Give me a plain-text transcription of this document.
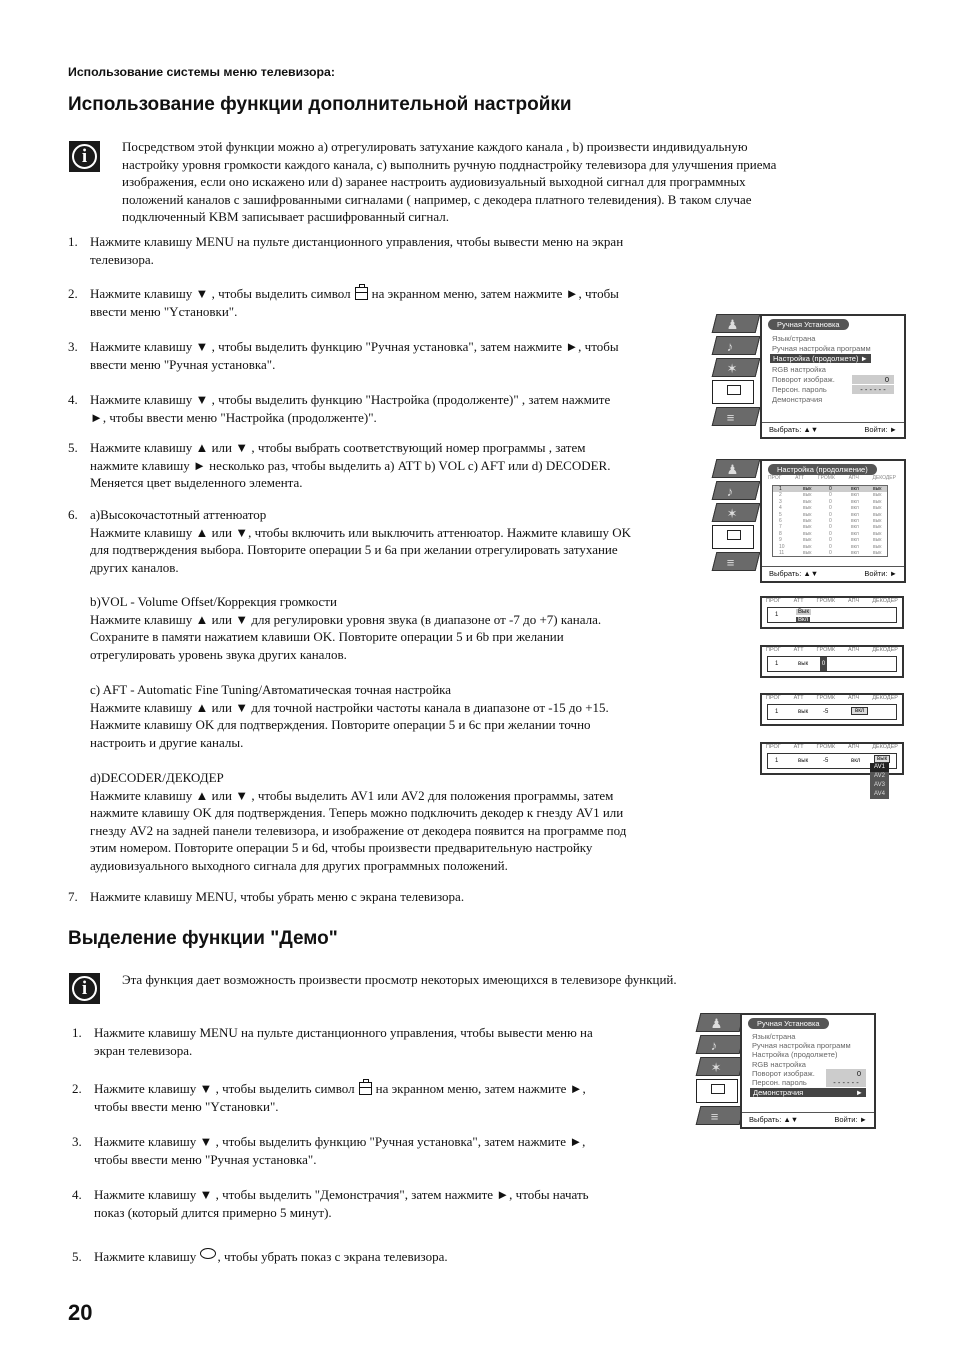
Использование системы меню телевизора:
Использование функции дополнительной настройки
i	Посредством этой функции можно а) отрегулировать затухание каждого канала , b) произвести индивидуальную

настройку уровня громкости каждого канала, с) выполнить ручную подднастройку телевизора для улучшения приема

изображения, если оно искажено или d) заранее настроить аудиовизуальный выходной сигнал для программных

положений каналов с зашифрованными сигналами ( например, с декодера платного телевидения). В таком случае

подключенный KBM записывает расшифрованный сигнал.

1. Нажмите клавишу MENU на пульте дистанционного управления, чтобы вывести меню на экран
телевизора.
2. Нажмите клавишу ▼ , чтобы выделить символ на экранном меню, затем нажмите ►, чтобы
ввести меню "Yстановки".
3. Нажмите клавишу ▼ , чтобы выделить функцию "Ручная установка", затем нажмите ►, чтобы
ввести меню "Ручная установка".
4. Нажмите клавишу ▼ , чтобы выделить функцию "Настройка (продолженте)" , затем нажмите
►, чтобы ввести меню "Настройка (продолженте)".
5. Нажмите клавишу ▲ или ▼ , чтобы выбрать соответствующий номер программы , затем
нажмите клавишу ► несколько раз, чтобы выделить а) ATT b) VOL c) AFT или d) DECODER.
Меняется цвет выделенного элемента.
6. a)Высокочастотный аттенюатор
Нажмите клавишу ▲ или ▼, чтобы включить или выключить аттенюатор. Нажмите клавишу OK
для подтверждения выбора. Повторите операции 5 и 6a при желании отрегулировать затухание
других каналов.
b)VOL - Volume Offset/Коррекция громкости
Нажмите клавишу ▲ или ▼ для регулировки уровня звука (в диапазоне от -7 до +7) канала.
Сохраните в памяти нажатием клавиши OK. Повторите операции 5 и 6b при желании
отрегулировать уровень звука других каналов.
c) AFT - Automatic Fine Tuning/Автоматическая точная настройка
Нажмите клавишу ▲ или ▼ для точной настройки частоты канала в диапазоне от -15 до +15.
Нажмите клавишу OK для подтверждения. Повторите операции 5 и 6c при желании точно
настроить и другие каналы.
d)DECODER/ДЕКОДЕР
Нажмите клавишу ▲ или ▼ , чтобы выделить AV1 или AV2 для положения программы, затем
нажмите клавишу OK для подтверждения. Теперь можно подключить декодер к гнезду AV1 или
гнезду AV2 на задней панели телевизора, и изображение от декодера появится на программе под
этим номером. Повторите операции 5 и 6d, чтобы произвести предварительную настройку
аудиовизуального выходного сигнала для других программных положений.
7. Нажмите клавишу MENU, чтобы убрать меню с экрана телевизора.
Выделение функции "Демо"
i	Эта функция дает возможность произвести просмотр некоторых имеющихся в телевизоре функций.
1. Нажмите клавишу MENU на пульте дистанционного управления, чтобы вывести меню на
экран телевизора.
2. Нажмите клавишу ▼ , чтобы выделить символ на экранном меню, затем нажмите ►,
чтобы ввести меню "Yстановки".
3. Нажмите клавишу ▼ , чтобы выделить функцию "Ручная установка", затем нажмите ►,
чтобы ввести меню "Ручная установка".
4. Нажмите клавишу ▼ , чтобы выделить "Демонстрачия", затем нажмите ►, чтобы начать
показ (который длится примерно 5 минут).
5. Нажмите клавишу , чтобы убрать показ с экрана телевизора.
20
♟
♪
✶
≡
Ручная Установка
Язык/страна
Ручная настройка программ
Настройка (продолжете) ►
RGB настройка
Поворот изображ.	0
Персон. пароль	- - - - - -
Демонстрачия
Выбрать: ▲▼	Войти: ►
♟
♪
✶
≡
Настройка (продолжение)
ПРОГ	АТТ	ГРОМК	АПЧ	ДЕКОДЕР
1	вык	0	вкл	вык
2	вык	0	вкл	вык
3	вык	0	вкл	вык
4	вык	0	вкл	вык
5	вык	0	вкл	вык
6	вык	0	вкл	вык
7	вык	0	вкл	вык
8	вык	0	вкл	вык
9	вык	0	вкл	вык
10	вык	0	вкл	вык
11	вык	0	вкл	вык
Выбрать: ▲▼	Войти: ►
ПРОГ АТТ ГРОМК АПЧ ДЕКОДЕР
1	Вык
Вкл
ПРОГ АТТ ГРОМК АПЧ ДЕКОДЕР
1	вык	0
ПРОГ АТТ ГРОМК АПЧ ДЕКОДЕР
1	вык -5	вкл
ПРОГ АТТ ГРОМК АПЧ ДЕКОДЕР
1	вык -5	вкл	вык
AV1
AV2
AV3
AV4
♟
♪
✶
≡
Ручная Установка
Язык/страна
Ручная настройка программ
Настройка (продолжете)
RGB настройка
Поворот изображ.	0
Персон. пароль	- - - - - -
Демонстрачия	►
Выбрать: ▲▼	Войти: ►
